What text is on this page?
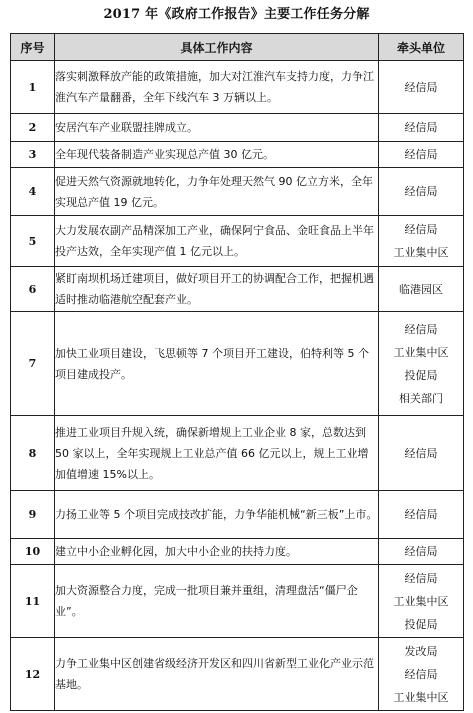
2017 年《政府工作报告》主要工作任务分解
序号	具体工作内容	牵头单位
1	落实刺激释放产能的政策措施，加大对江淮汽车支持力度，力争江淮汽车产量翻番，全年下线汽车 3 万辆以上。	经信局

2	安居汽车产业联盟挂牌成立。	经信局

3	全年现代装备制造产业实现总产值 30 亿元。	经信局

4	促进天然气资源就地转化，力争年处理天然气 90 亿立方米，全年实现总产值 19 亿元。	经信局

5	大力发展农副产品精深加工产业，确保阿宁食品、金旺食品上半年投产达效，全年实现产值 1 亿元以上。	经信局
工业集中区

6	紧盯南坝机场迁建项目，做好项目开工的协调配合工作，把握机遇适时推动临港航空配套产业。	临港园区

7	加快工业项目建设，飞思顿等 7 个项目开工建设，伯特利等 5 个项目建成投产。	经信局
工业集中区
投促局
相关部门

8	推进工业项目升规入统，确保新增规上工业企业 8 家，总数达到 50 家以上，全年实现规上工业总产值 66 亿元以上，规上工业增加值增速 15%以上。	经信局

9	力扬工业等 5 个项目完成技改扩能，力争华能机械“新三板”上市。	经信局

10	建立中小企业孵化园，加大中小企业的扶持力度。	经信局

11	加大资源整合力度，完成一批项目兼并重组，清理盘活“僵尸企业”。	经信局
工业集中区
投促局

12	力争工业集中区创建省级经济开发区和四川省新型工业化产业示范基地。	发改局
经信局
工业集中区
